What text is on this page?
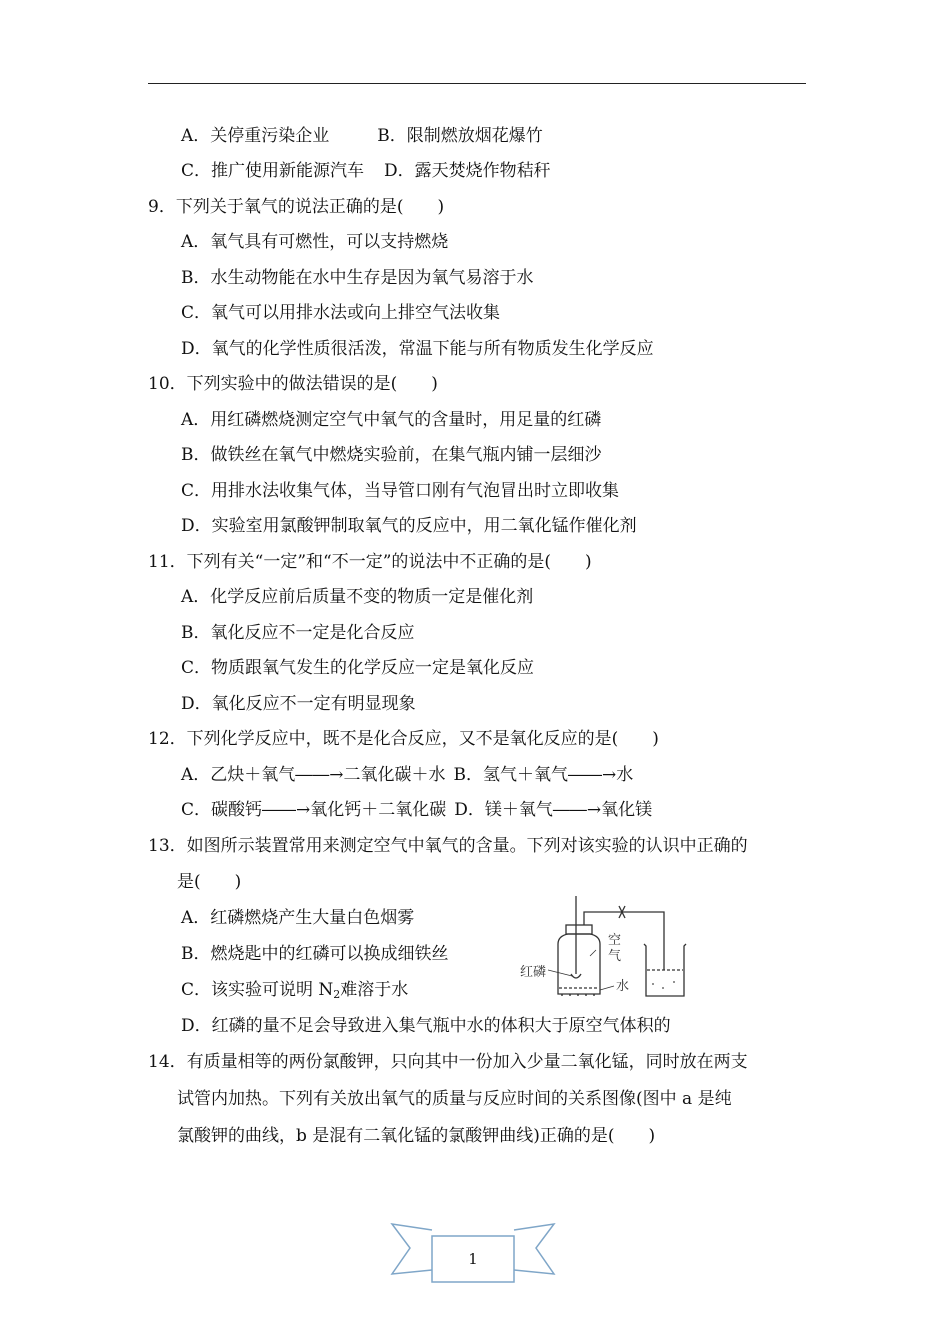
A．关停重污染企业	B．限制燃放烟花爆竹
C．推广使用新能源汽车 D．露天焚烧作物秸秆
9．下列关于氧气的说法正确的是(　　)
A．氧气具有可燃性，可以支持燃烧
B．水生动物能在水中生存是因为氧气易溶于水
C．氧气可以用排水法或向上排空气法收集
D．氧气的化学性质很活泼，常温下能与所有物质发生化学反应
10．下列实验中的做法错误的是(　　)
A．用红磷燃烧测定空气中氧气的含量时，用足量的红磷
B．做铁丝在氧气中燃烧实验前，在集气瓶内铺一层细沙
C．用排水法收集气体，当导管口刚有气泡冒出时立即收集
D．实验室用氯酸钾制取氧气的反应中，用二氧化锰作催化剂
11．下列有关“一定”和“不一定”的说法中不正确的是(　　)
A．化学反应前后质量不变的物质一定是催化剂
B．氧化反应不一定是化合反应
C．物质跟氧气发生的化学反应一定是氧化反应
D．氧化反应不一定有明显现象
12．下列化学反应中，既不是化合反应，又不是氧化反应的是(　　)
A．乙炔＋氧气――→二氧化碳＋水 B．氢气＋氧气――→水
C．碳酸钙――→氧化钙＋二氧化碳 D．镁＋氧气――→氧化镁
13．如图所示装置常用来测定空气中氧气的含量。下列对该实验的认识中正确的
是(　　)
A．红磷燃烧产生大量白色烟雾
B．燃烧匙中的红磷可以换成细铁丝
C．该实验可说明 $N_2$难溶于水
D．红磷的量不足会导致进入集气瓶中水的体积大于原空气体积的
红磷
空
气
水
14．有质量相等的两份氯酸钾，只向其中一份加入少量二氧化锰，同时放在两支
试管内加热。下列有关放出氧气的质量与反应时间的关系图像(图中 a 是纯
氯酸钾的曲线，b 是混有二氧化锰的氯酸钾曲线)正确的是(　　)
1
